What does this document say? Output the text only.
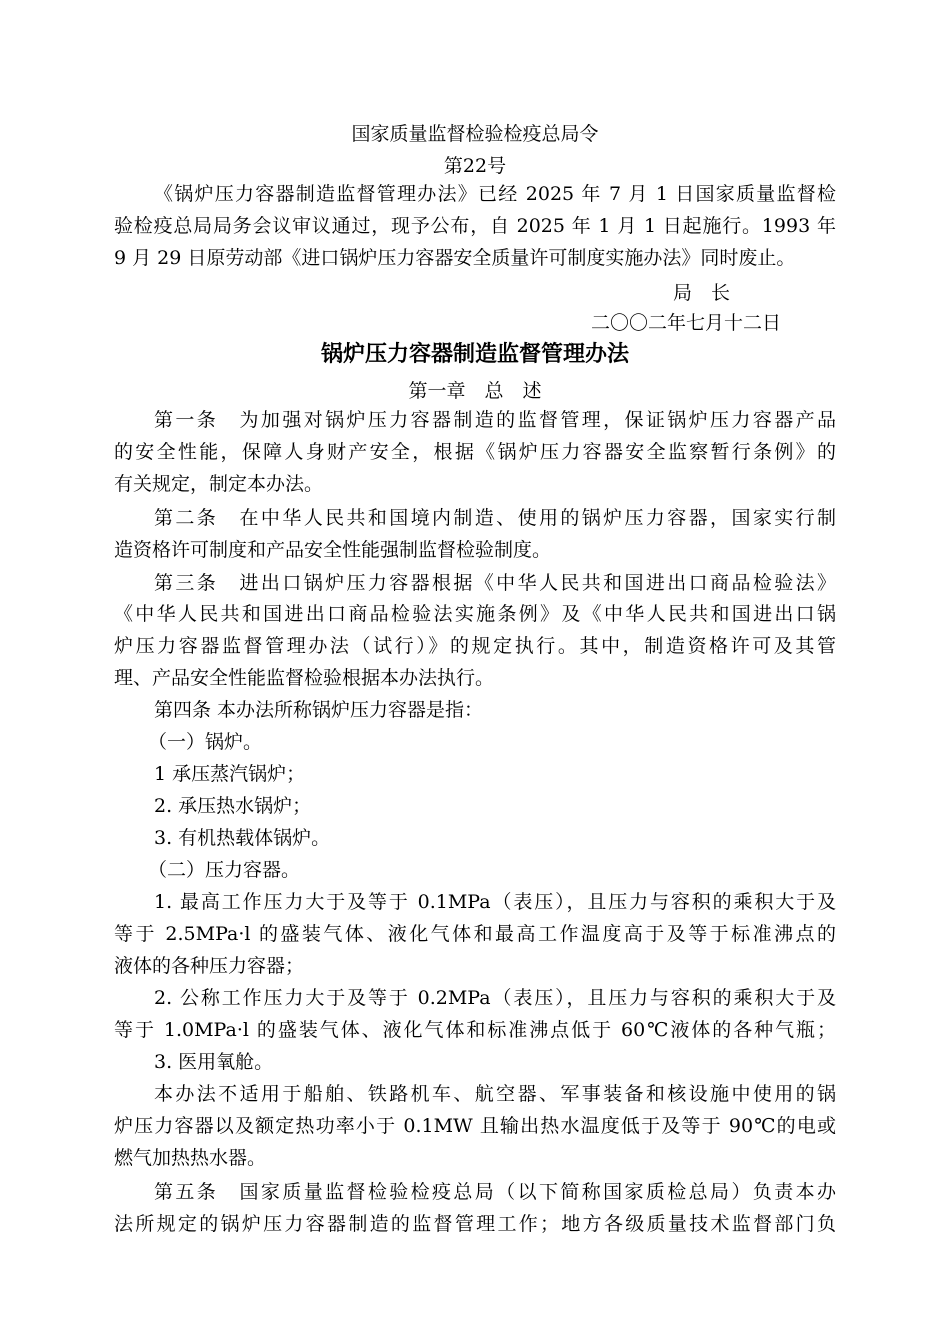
国家质量监督检验检疫总局令
第22号
《锅炉压力容器制造监督管理办法》已经 2025 年 7 月 1 日国家质量监督检
验检疫总局局务会议审议通过，现予公布，自 2025 年 1 月 1 日起施行。1993 年
9 月 29 日原劳动部《进口锅炉压力容器安全质量许可制度实施办法》同时废止。
局　长
二〇〇二年七月十二日
锅炉压力容器制造监督管理办法
第一章　总　述
第一条　为加强对锅炉压力容器制造的监督管理，保证锅炉压力容器产品
的安全性能，保障人身财产安全，根据《锅炉压力容器安全监察暂行条例》的
有关规定，制定本办法。
第二条　在中华人民共和国境内制造、使用的锅炉压力容器，国家实行制
造资格许可制度和产品安全性能强制监督检验制度。
第三条　进出口锅炉压力容器根据《中华人民共和国进出口商品检验法》
《中华人民共和国进出口商品检验法实施条例》及《中华人民共和国进出口锅
炉压力容器监督管理办法（试行）》的规定执行。其中，制造资格许可及其管
理、产品安全性能监督检验根据本办法执行。
第四条 本办法所称锅炉压力容器是指：
（一）锅炉。
1 承压蒸汽锅炉；
2. 承压热水锅炉；
3. 有机热载体锅炉。
（二）压力容器。
1. 最高工作压力大于及等于 0.1MPa（表压），且压力与容积的乘积大于及
等于 2.5MPa·l 的盛装气体、液化气体和最高工作温度高于及等于标准沸点的
液体的各种压力容器；
2. 公称工作压力大于及等于 0.2MPa（表压），且压力与容积的乘积大于及
等于 1.0MPa·l 的盛装气体、液化气体和标准沸点低于 60℃液体的各种气瓶；
3. 医用氧舱。
本办法不适用于船舶、铁路机车、航空器、军事装备和核设施中使用的锅
炉压力容器以及额定热功率小于 0.1MW 且输出热水温度低于及等于 90℃的电或
燃气加热热水器。
第五条　国家质量监督检验检疫总局（以下简称国家质检总局）负责本办
法所规定的锅炉压力容器制造的监督管理工作；地方各级质量技术监督部门负
